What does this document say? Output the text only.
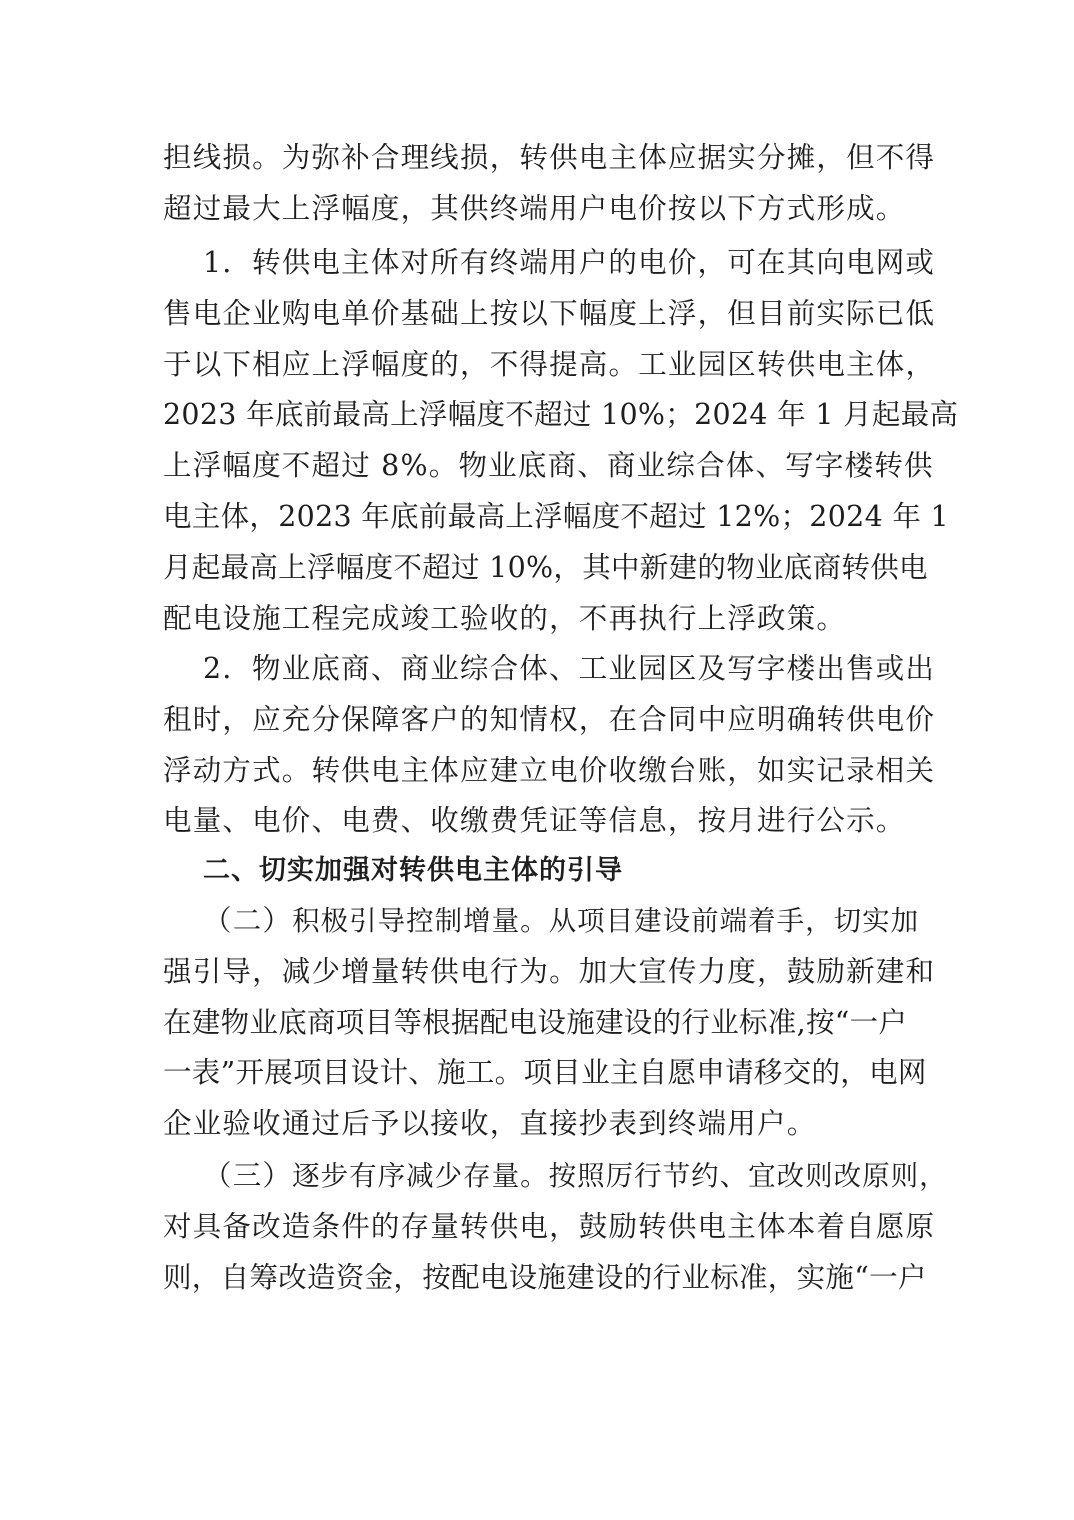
担线损。为弥补合理线损，转供电主体应据实分摊，但不得
超过最大上浮幅度，其供终端用户电价按以下方式形成。
1．转供电主体对所有终端用户的电价，可在其向电网或
售电企业购电单价基础上按以下幅度上浮，但目前实际已低
于以下相应上浮幅度的，不得提高。工业园区转供电主体，
2023 年底前最高上浮幅度不超过 10%；2024 年 1 月起最高
上浮幅度不超过 8%。物业底商、商业综合体、写字楼转供
电主体，2023 年底前最高上浮幅度不超过 12%；2024 年 1
月起最高上浮幅度不超过 10%，其中新建的物业底商转供电
配电设施工程完成竣工验收的，不再执行上浮政策。
2．物业底商、商业综合体、工业园区及写字楼出售或出
租时，应充分保障客户的知情权，在合同中应明确转供电价
浮动方式。转供电主体应建立电价收缴台账，如实记录相关
电量、电价、电费、收缴费凭证等信息，按月进行公示。
二、切实加强对转供电主体的引导
（二）积极引导控制增量。从项目建设前端着手，切实加
强引导，减少增量转供电行为。加大宣传力度，鼓励新建和
在建物业底商项目等根据配电设施建设的行业标准,按“一户
一表”开展项目设计、施工。项目业主自愿申请移交的，电网
企业验收通过后予以接收，直接抄表到终端用户。
（三）逐步有序减少存量。按照厉行节约、宜改则改原则，
对具备改造条件的存量转供电，鼓励转供电主体本着自愿原
则，自筹改造资金，按配电设施建设的行业标准，实施“一户
